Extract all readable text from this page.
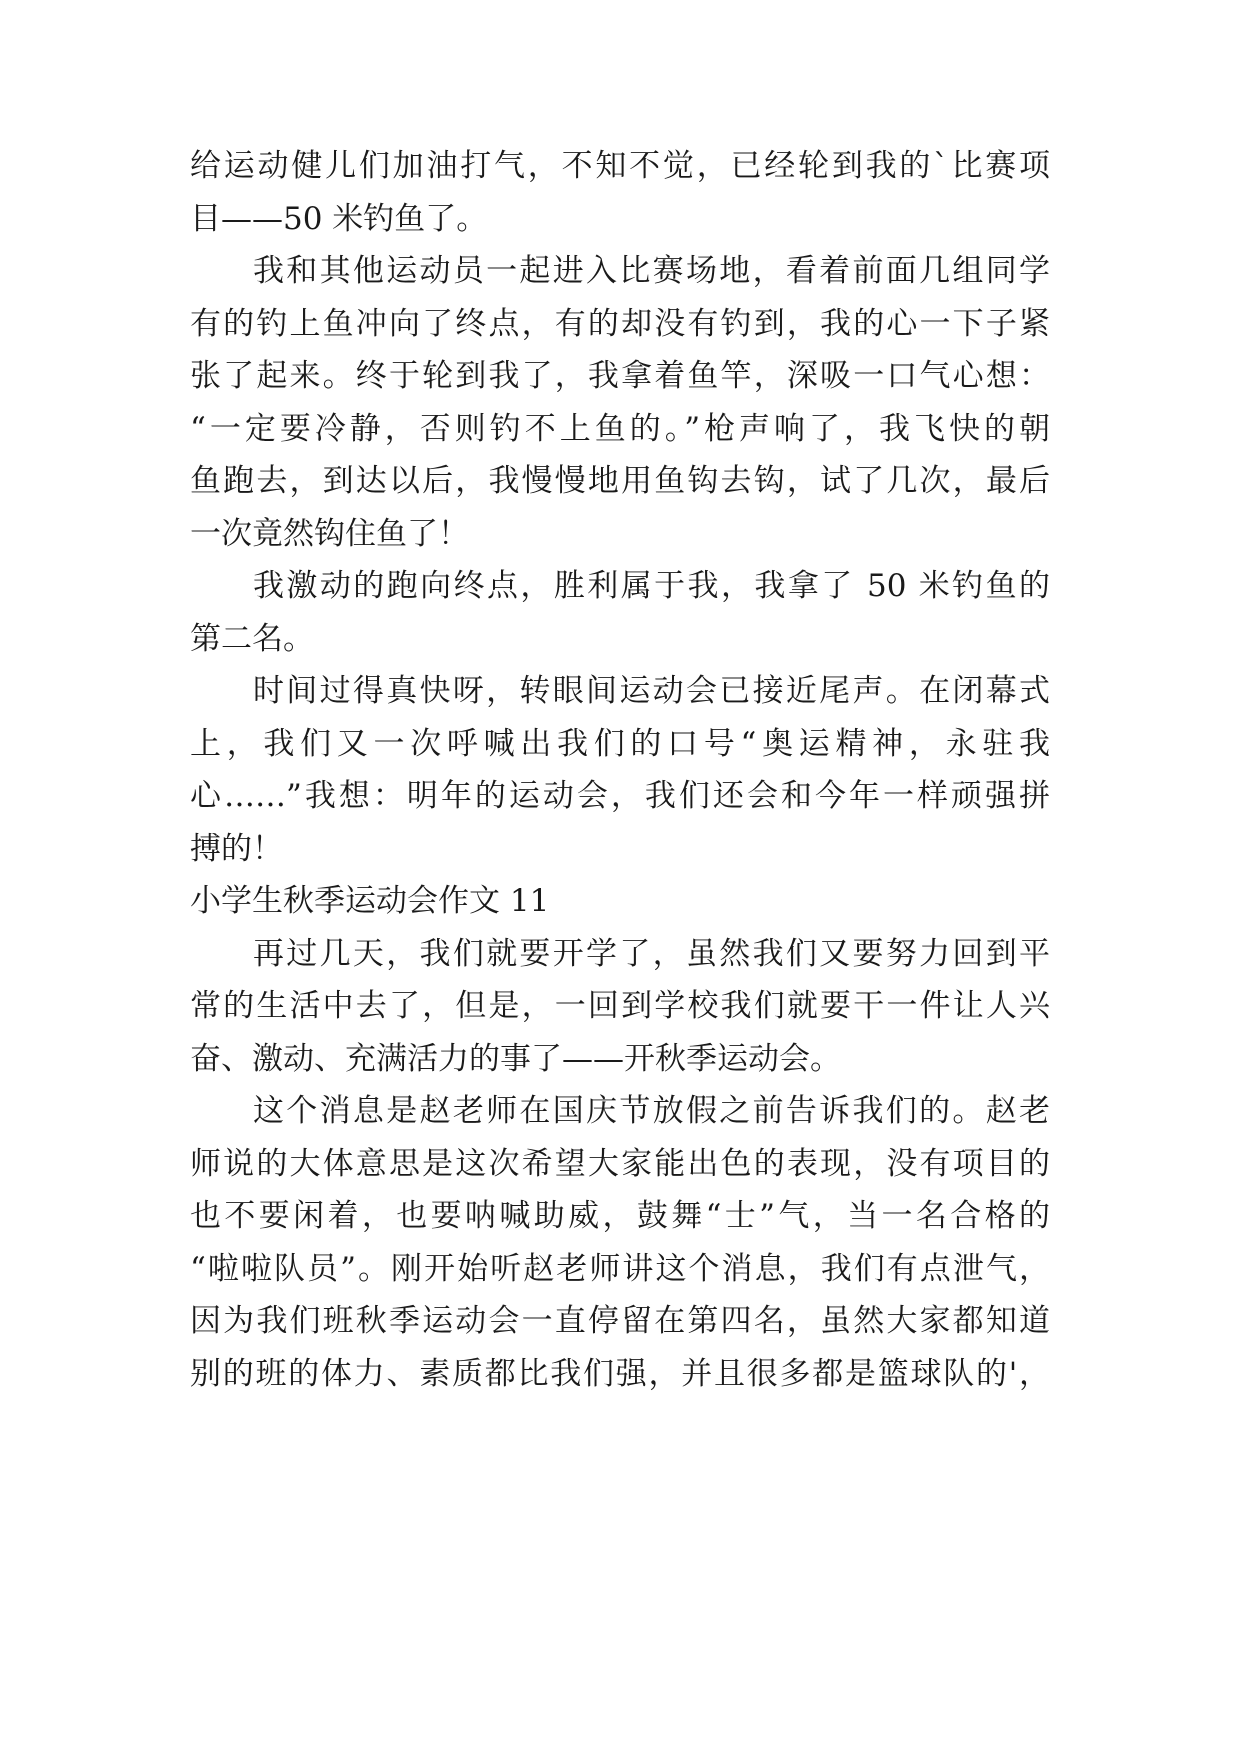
给运动健儿们加油打气，不知不觉，已经轮到我的`比赛项
目——50 米钓鱼了。
我和其他运动员一起进入比赛场地，看着前面几组同学
有的钓上鱼冲向了终点，有的却没有钓到，我的心一下子紧
张了起来。终于轮到我了，我拿着鱼竿，深吸一口气心想：
“一定要冷静，否则钓不上鱼的。”枪声响了，我飞快的朝
鱼跑去，到达以后，我慢慢地用鱼钩去钩，试了几次，最后
一次竟然钩住鱼了！
我激动的跑向终点，胜利属于我，我拿了 50 米钓鱼的
第二名。
时间过得真快呀，转眼间运动会已接近尾声。在闭幕式
上，我们又一次呼喊出我们的口号“奥运精神，永驻我
心……”我想：明年的运动会，我们还会和今年一样顽强拼
搏的！
小学生秋季运动会作文 11
再过几天，我们就要开学了，虽然我们又要努力回到平
常的生活中去了，但是，一回到学校我们就要干一件让人兴
奋、激动、充满活力的事了——开秋季运动会。
这个消息是赵老师在国庆节放假之前告诉我们的。赵老
师说的大体意思是这次希望大家能出色的表现，没有项目的
也不要闲着，也要呐喊助威，鼓舞“士”气，当一名合格的
“啦啦队员”。刚开始听赵老师讲这个消息，我们有点泄气，
因为我们班秋季运动会一直停留在第四名，虽然大家都知道
别的班的体力、素质都比我们强，并且很多都是篮球队的'，
